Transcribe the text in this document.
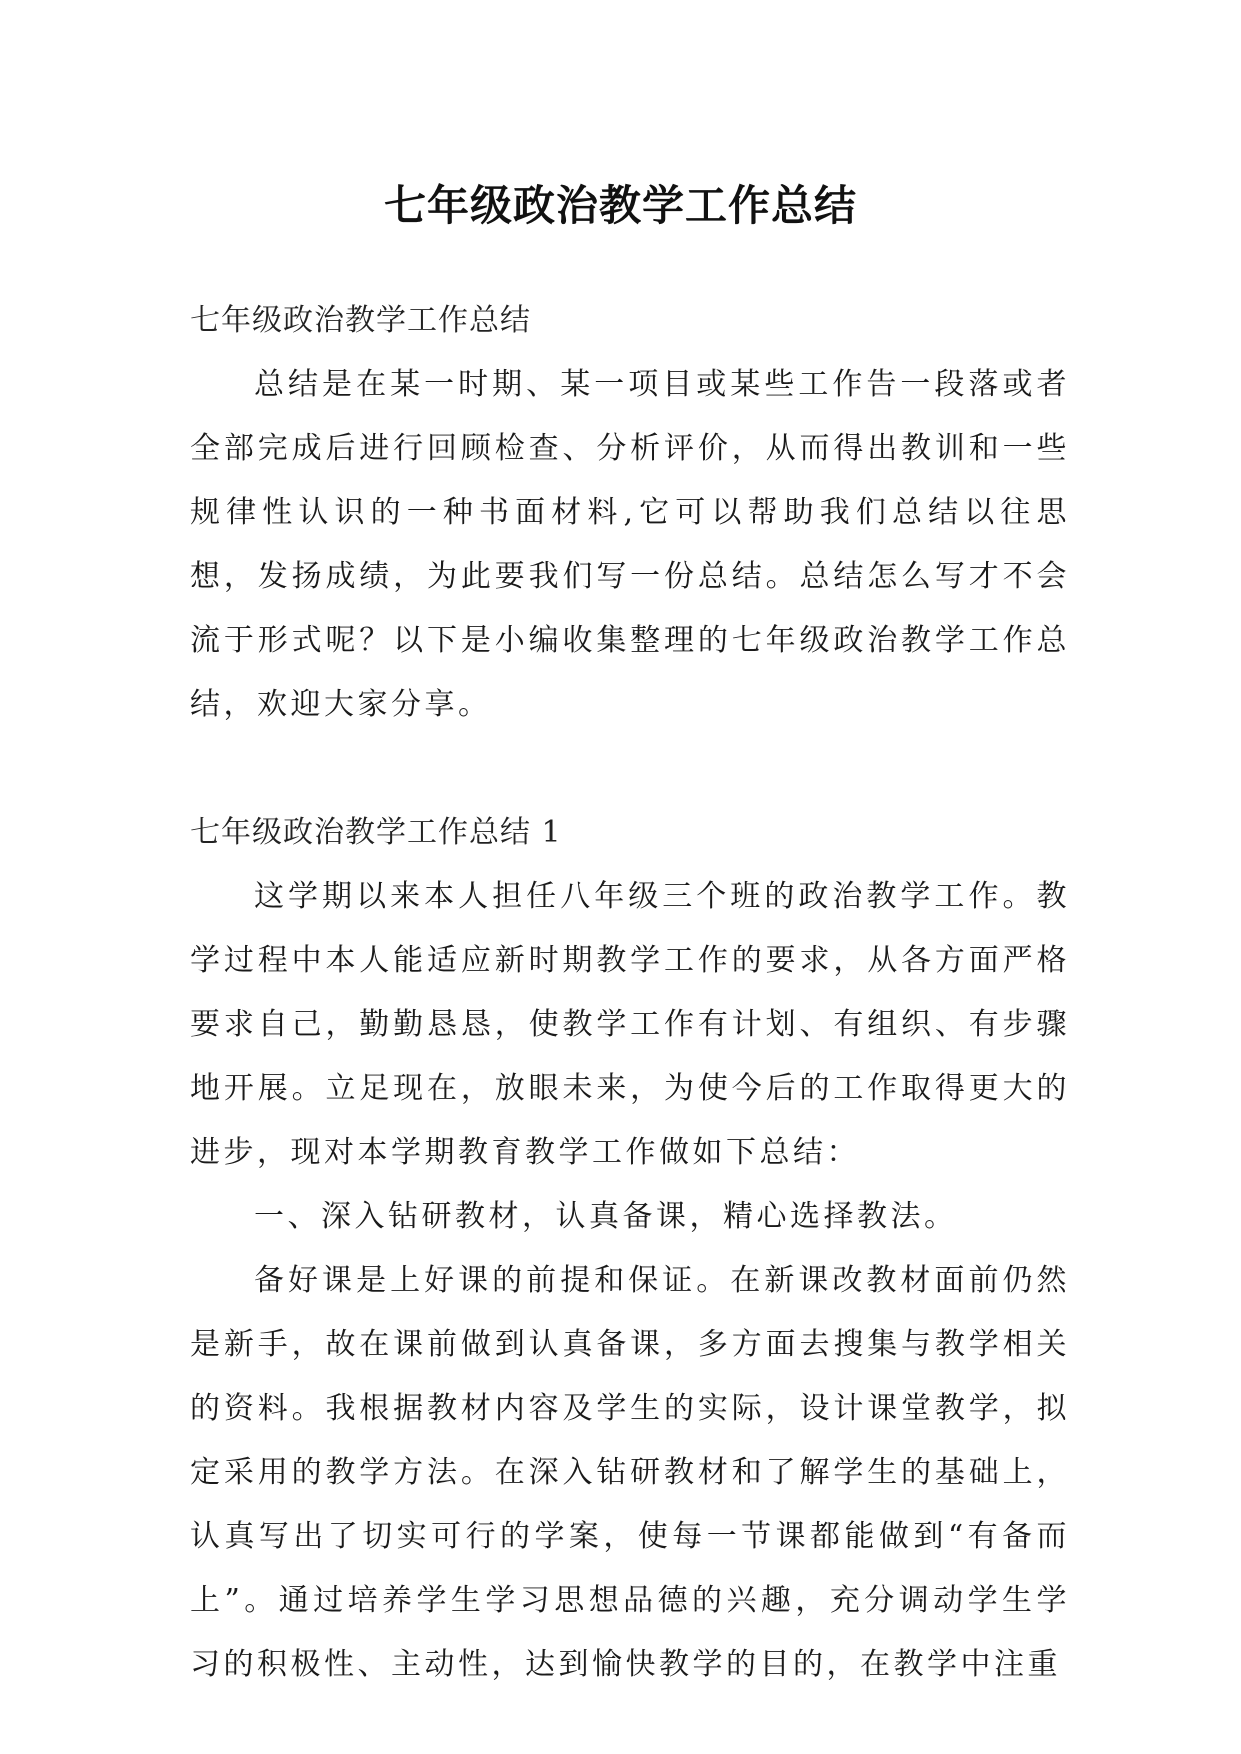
七年级政治教学工作总结

七年级政治教学工作总结

总结是在某一时期、某一项目或某些工作告一段落或者全部完成后进行回顾检查、分析评价，从而得出教训和一些规律性认识的一种书面材料,它可以帮助我们总结以往思想，发扬成绩，为此要我们写一份总结。总结怎么写才不会流于形式呢？以下是小编收集整理的七年级政治教学工作总结，欢迎大家分享。

七年级政治教学工作总结 1

这学期以来本人担任八年级三个班的政治教学工作。教学过程中本人能适应新时期教学工作的要求，从各方面严格要求自己，勤勤恳恳，使教学工作有计划、有组织、有步骤地开展。立足现在，放眼未来，为使今后的工作取得更大的进步，现对本学期教育教学工作做如下总结：

一、深入钻研教材，认真备课，精心选择教法。

备好课是上好课的前提和保证。在新课改教材面前仍然是新手，故在课前做到认真备课，多方面去搜集与教学相关的资料。我根据教材内容及学生的实际，设计课堂教学，拟定采用的教学方法。在深入钻研教材和了解学生的基础上，认真写出了切实可行的学案，使每一节课都能做到“有备而上”。通过培养学生学习思想品德的兴趣，充分调动学生学习的积极性、主动性，达到愉快教学的目的，在教学中注重
